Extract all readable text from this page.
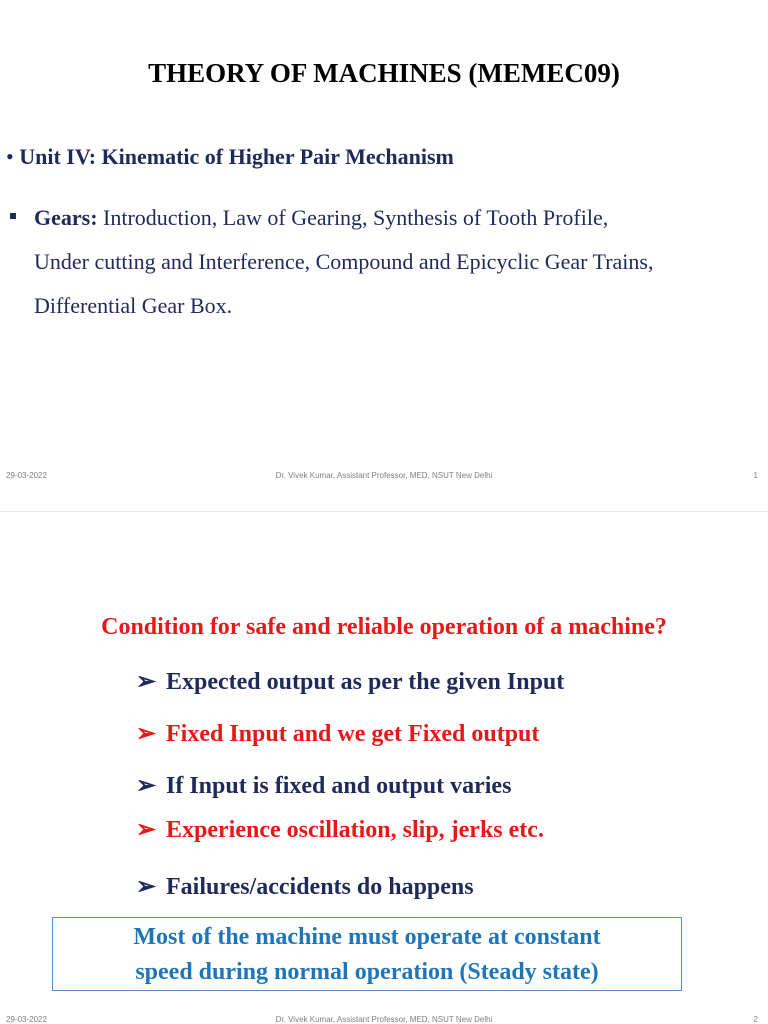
THEORY OF MACHINES (MEMEC09)
• Unit IV: Kinematic of Higher Pair Mechanism
Gears: Introduction, Law of Gearing, Synthesis of Tooth Profile,
Under cutting and Interference, Compound and Epicyclic Gear Trains,
Differential Gear Box.
29-03-2022	Dr. Vivek Kumar, Assistant Professor, MED, NSUT New Delhi	1
Condition for safe and reliable operation of a machine?
➢ Expected output as per the given Input
➢ Fixed Input and we get Fixed output
➢ If Input is fixed and output varies
➢ Experience oscillation, slip, jerks etc.
➢ Failures/accidents do happens
Most of the machine must operate at constant
speed during normal operation (Steady state)
29-03-2022	Dr. Vivek Kumar, Assistant Professor, MED, NSUT New Delhi	2
